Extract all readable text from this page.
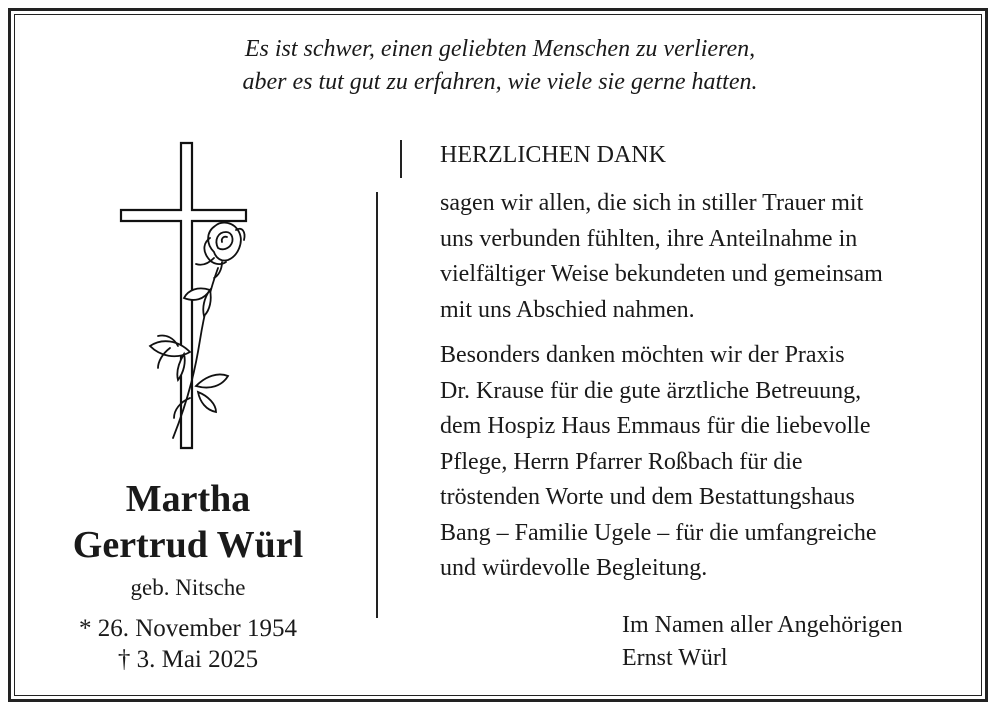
Es ist schwer, einen geliebten Menschen zu verlieren,
aber es tut gut zu erfahren, wie viele sie gerne hatten.
Martha
Gertrud Würl
geb. Nitsche
* 26. November 1954
† 3. Mai 2025
HERZLICHEN DANK
sagen wir allen, die sich in stiller Trauer mit
uns verbunden fühlten, ihre Anteilnahme in
vielfältiger Weise bekundeten und gemeinsam
mit uns Abschied nahmen.
Besonders danken möchten wir der Praxis
Dr. Krause für die gute ärztliche Betreuung,
dem Hospiz Haus Emmaus für die liebevolle
Pflege, Herrn Pfarrer Roßbach für die
tröstenden Worte und dem Bestattungshaus
Bang – Familie Ugele – für die umfangreiche
und würdevolle Begleitung.
Im Namen aller Angehörigen
Ernst Würl
